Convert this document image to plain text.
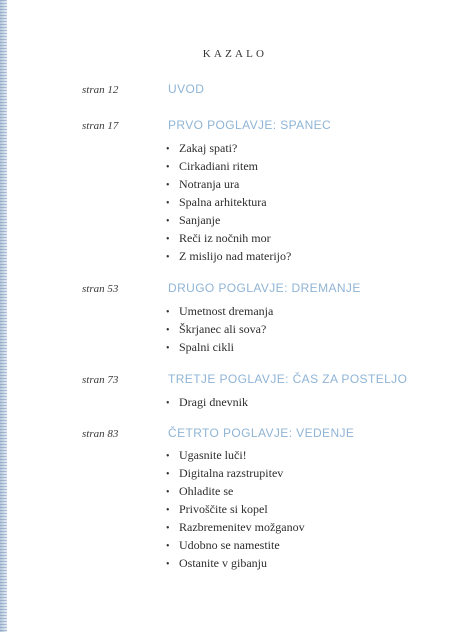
KAZALO
stran 12	UVOD
stran 17	PRVO POGLAVJE: SPANEC
• Zakaj spati?
• Cirkadiani ritem
• Notranja ura
• Spalna arhitektura
• Sanjanje
• Reči iz nočnih mor
• Z mislijo nad materijo?
stran 53	DRUGO POGLAVJE: DREMANJE
• Umetnost dremanja
• Škrjanec ali sova?
• Spalni cikli
stran 73	TRETJE POGLAVJE: ČAS ZA POSTELJO
• Dragi dnevnik
stran 83	ČETRTO POGLAVJE: VEDENJE
• Ugasnite luči!
• Digitalna razstrupitev
• Ohladite se
• Privoščite si kopel
• Razbremenitev možganov
• Udobno se namestite
• Ostanite v gibanju
